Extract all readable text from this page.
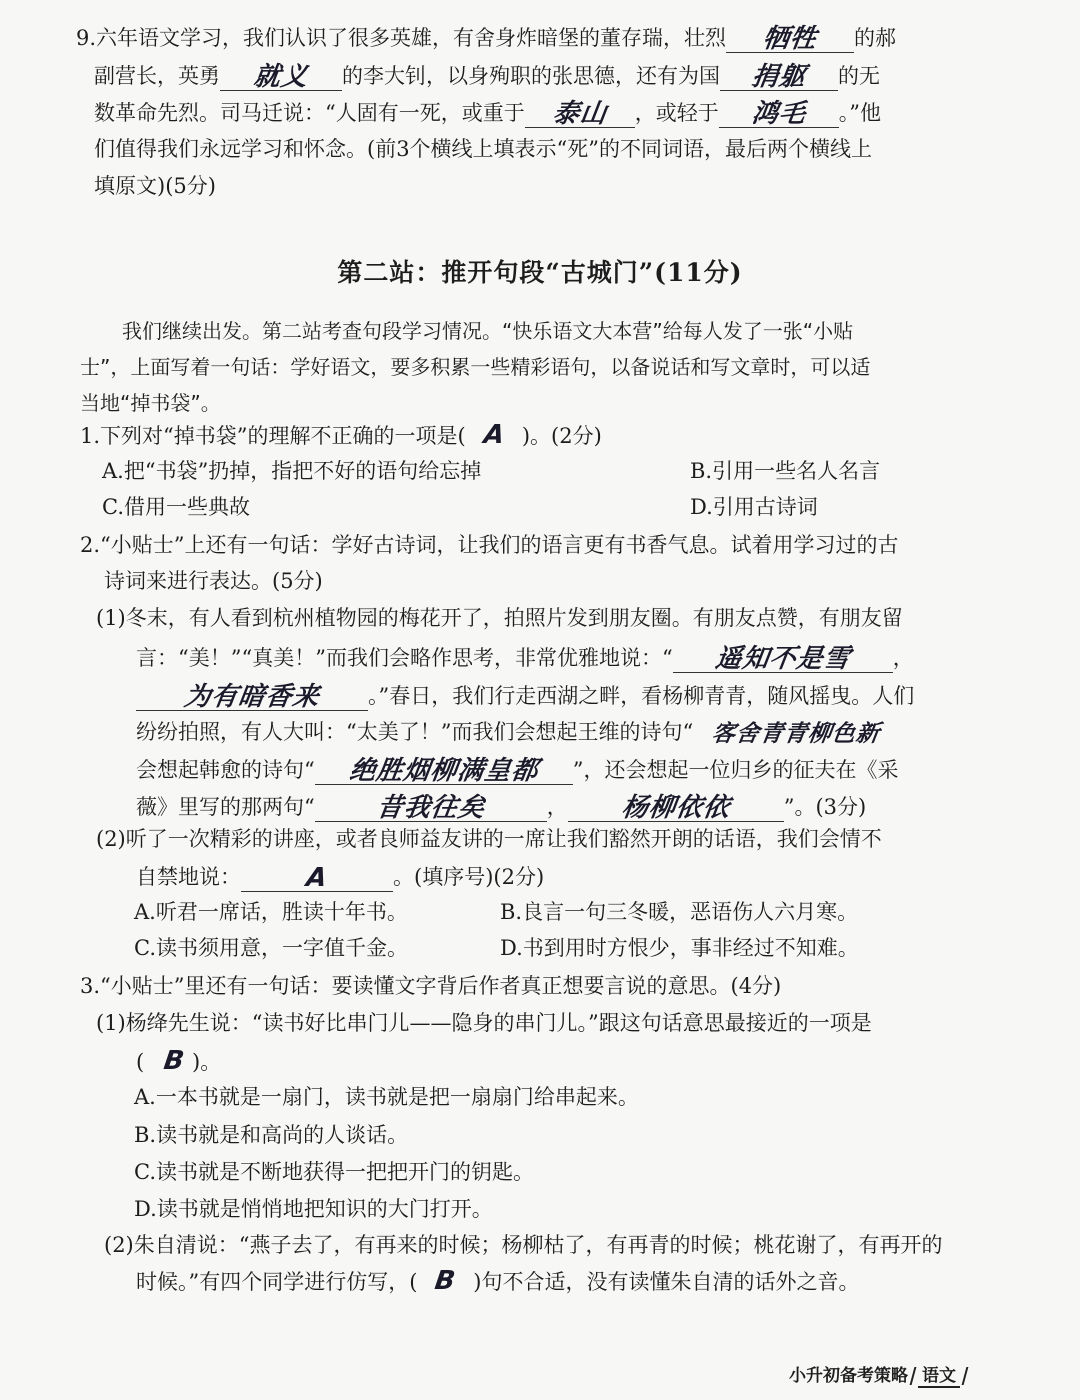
9.六年语文学习，我们认识了很多英雄，有舍身炸暗堡的董存瑞，壮烈	牺牲	的郝
副营长，英勇	就义	的李大钊，以身殉职的张思德，还有为国	捐躯	的无
数革命先烈。司马迁说：“人固有一死，或重于 泰山	，或轻于	鸿毛	。”他
们值得我们永远学习和怀念。(前3个横线上填表示“死”的不同词语，最后两个横线上
填原文)(5分)
第二站：推开句段“古城门”(11分)
我们继续出发。第二站考查句段学习情况。“快乐语文大本营”给每人发了一张“小贴
士”，上面写着一句话：学好语文，要多积累一些精彩语句，以备说话和写文章时，可以适
当地“掉书袋”。
1.下列对“掉书袋”的理解不正确的一项是( A )。(2分)
A.把“书袋”扔掉，指把不好的语句给忘掉	B.引用一些名人名言
C.借用一些典故	D.引用古诗词
2.“小贴士”上还有一句话：学好古诗词，让我们的语言更有书香气息。试着用学习过的古
诗词来进行表达。(5分)
(1)冬末，有人看到杭州植物园的梅花开了，拍照片发到朋友圈。有朋友点赞，有朋友留
言：“美！”“真美！”而我们会略作思考，非常优雅地说：“	遥知不是雪	，
为有暗香来	。”春日，我们行走西湖之畔，看杨柳青青，随风摇曳。人们
纷纷拍照，有人大叫：“太美了！”而我们会想起王维的诗句“ 客舍青青柳色新
会想起韩愈的诗句“	绝胜烟柳满皇都	”，还会想起一位归乡的征夫在《采
薇》里写的那两句“	昔我往矣	，	杨柳依依	”。(3分)
(2)听了一次精彩的讲座，或者良师益友讲的一席让我们豁然开朗的话语，我们会情不
自禁地说：	A	。(填序号)(2分)
A.听君一席话，胜读十年书。	B.良言一句三冬暖，恶语伤人六月寒。
C.读书须用意，一字值千金。	D.书到用时方恨少，事非经过不知难。
3.“小贴士”里还有一句话：要读懂文字背后作者真正想要言说的意思。(4分)
(1)杨绛先生说：“读书好比串门儿——隐身的串门儿。”跟这句话意思最接近的一项是
( B )。
A.一本书就是一扇门，读书就是把一扇扇门给串起来。
B.读书就是和高尚的人谈话。
C.读书就是不断地获得一把把开门的钥匙。
D.读书就是悄悄地把知识的大门打开。
(2)朱自清说：“燕子去了，有再来的时候；杨柳枯了，有再青的时候；桃花谢了，有再开的
时候。”有四个同学进行仿写，( B )句不合适，没有读懂朱自清的话外之音。
小升初备考策略 语文
